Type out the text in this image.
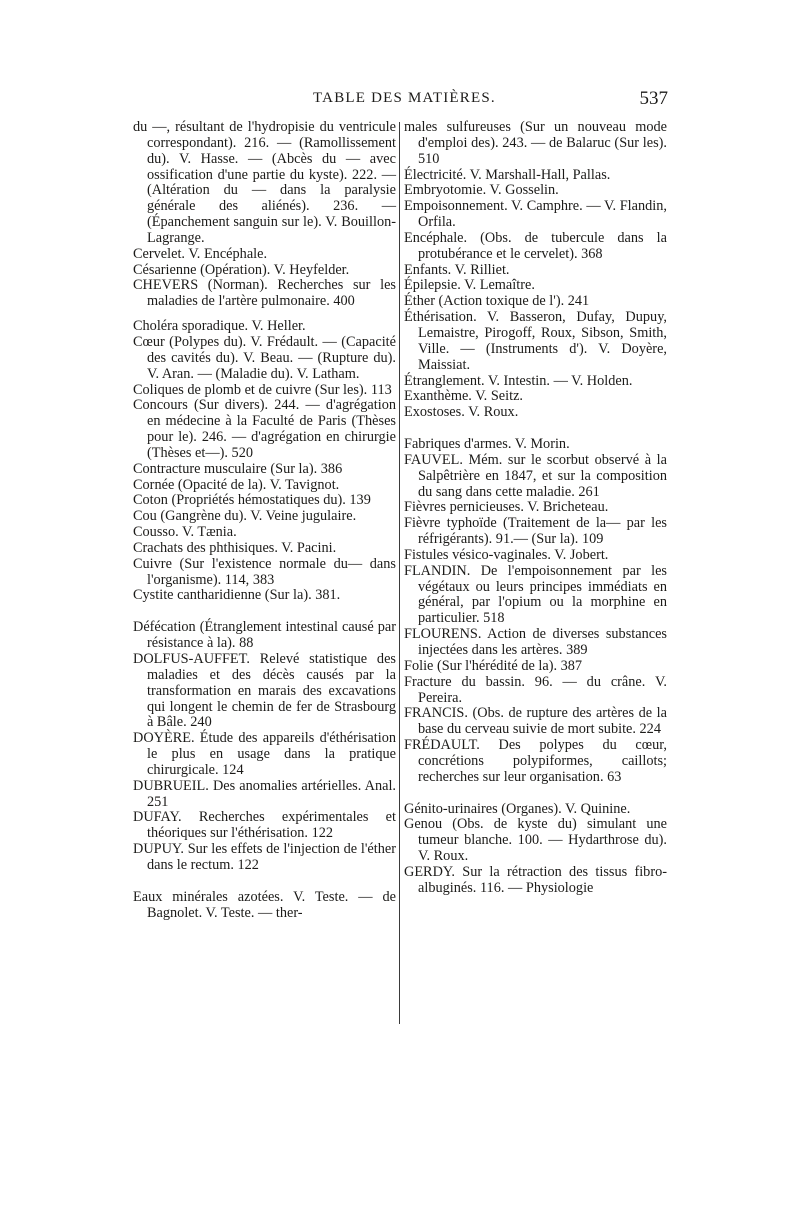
TABLE DES MATIÈRES.	537

du —, résultant de l'hydropisie du ventricule correspondant). 216. — (Ramollissement du). V. Hasse. — (Abcès du — avec ossification d'une partie du kyste). 222. — (Altération du — dans la paralysie générale des aliénés). 236. — (Épanchement sanguin sur le). V. Bouillon-Lagrange.

Cervelet. V. Encéphale.

Césarienne (Opération). V. Heyfelder.

CHEVERS (Norman). Recherches sur les maladies de l'artère pulmonaire. 400

Choléra sporadique. V. Heller.

Cœur (Polypes du). V. Frédault. — (Capacité des cavités du). V. Beau. — (Rupture du). V. Aran. — (Maladie du). V. Latham.

Coliques de plomb et de cuivre (Sur les). 113

Concours (Sur divers). 244. — d'agrégation en médecine à la Faculté de Paris (Thèses pour le). 246. — d'agrégation en chirurgie (Thèses et—). 520

Contracture musculaire (Sur la). 386

Cornée (Opacité de la). V. Tavignot.

Coton (Propriétés hémostatiques du). 139

Cou (Gangrène du). V. Veine jugulaire.

Cousso. V. Tænia.

Crachats des phthisiques. V. Pacini.

Cuivre (Sur l'existence normale du— dans l'organisme). 114, 383

Cystite cantharidienne (Sur la). 381.

Défécation (Étranglement intestinal causé par résistance à la). 88

DOLFUS-AUFFET. Relevé statistique des maladies et des décès causés par la transformation en marais des excavations qui longent le chemin de fer de Strasbourg à Bâle. 240

DOYÈRE. Étude des appareils d'éthérisation le plus en usage dans la pratique chirurgicale. 124

DUBRUEIL. Des anomalies artérielles. Anal. 251

DUFAY. Recherches expérimentales et théoriques sur l'éthérisation. 122

DUPUY. Sur les effets de l'injection de l'éther dans le rectum. 122

Eaux minérales azotées. V. Teste. — de Bagnolet. V. Teste. — ther-

males sulfureuses (Sur un nouveau mode d'emploi des). 243. — de Balaruc (Sur les). 510

Électricité. V. Marshall-Hall, Pallas.

Embryotomie. V. Gosselin.

Empoisonnement. V. Camphre. — V. Flandin, Orfila.

Encéphale. (Obs. de tubercule dans la protubérance et le cervelet). 368

Enfants. V. Rilliet.

Épilepsie. V. Lemaître.

Éther (Action toxique de l'). 241

Éthérisation. V. Basseron, Dufay, Dupuy, Lemaistre, Pirogoff, Roux, Sibson, Smith, Ville. — (Instruments d'). V. Doyère, Maissiat.

Étranglement. V. Intestin. — V. Holden.

Exanthème. V. Seitz.

Exostoses. V. Roux.

Fabriques d'armes. V. Morin.

FAUVEL. Mém. sur le scorbut observé à la Salpêtrière en 1847, et sur la composition du sang dans cette maladie. 261

Fièvres pernicieuses. V. Bricheteau.

Fièvre typhoïde (Traitement de la— par les réfrigérants). 91.— (Sur la). 109

Fistules vésico-vaginales. V. Jobert.

FLANDIN. De l'empoisonnement par les végétaux ou leurs principes immédiats en général, par l'opium ou la morphine en particulier. 518

FLOURENS. Action de diverses substances injectées dans les artères. 389

Folie (Sur l'hérédité de la). 387

Fracture du bassin. 96. — du crâne. V. Pereira.

FRANCIS. (Obs. de rupture des artères de la base du cerveau suivie de mort subite. 224

FRÉDAULT. Des polypes du cœur, concrétions polypiformes, caillots; recherches sur leur organisation. 63

Génito-urinaires (Organes). V. Quinine.

Genou (Obs. de kyste du) simulant une tumeur blanche. 100. — Hydarthrose du). V. Roux.

GERDY. Sur la rétraction des tissus fibro-albuginés. 116. — Physiologie
